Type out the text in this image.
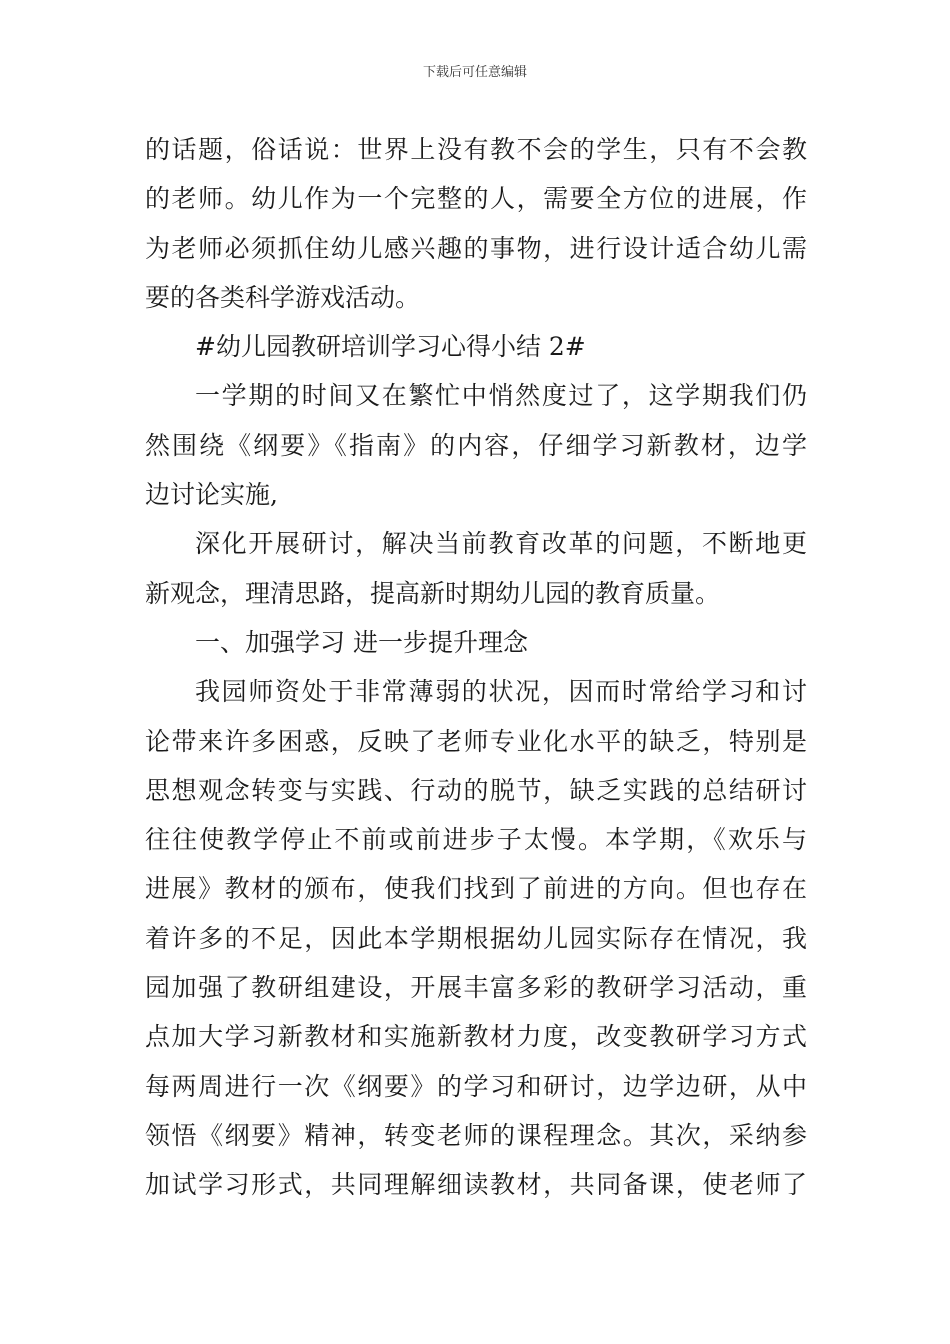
下载后可任意编辑
的话题，俗话说：世界上没有教不会的学生，只有不会教
的老师。幼儿作为一个完整的人，需要全方位的进展，作
为老师必须抓住幼儿感兴趣的事物，进行设计适合幼儿需
要的各类科学游戏活动。
#幼儿园教研培训学习心得小结 2#
一学期的时间又在繁忙中悄然度过了，这学期我们仍
然围绕《纲要》《指南》的内容，仔细学习新教材，边学
边讨论实施,
深化开展研讨，解决当前教育改革的问题，不断地更
新观念，理清思路，提高新时期幼儿园的教育质量。
一、加强学习 进一步提升理念
我园师资处于非常薄弱的状况，因而时常给学习和讨
论带来许多困惑，反映了老师专业化水平的缺乏，特别是
思想观念转变与实践、行动的脱节，缺乏实践的总结研讨
往往使教学停止不前或前进步子太慢。本学期，《欢乐与
进展》教材的颁布，使我们找到了前进的方向。但也存在
着许多的不足，因此本学期根据幼儿园实际存在情况，我
园加强了教研组建设，开展丰富多彩的教研学习活动，重
点加大学习新教材和实施新教材力度，改变教研学习方式
每两周进行一次《纲要》的学习和研讨，边学边研，从中
领悟《纲要》精神，转变老师的课程理念。其次，采纳参
加试学习形式，共同理解细读教材，共同备课，使老师了
